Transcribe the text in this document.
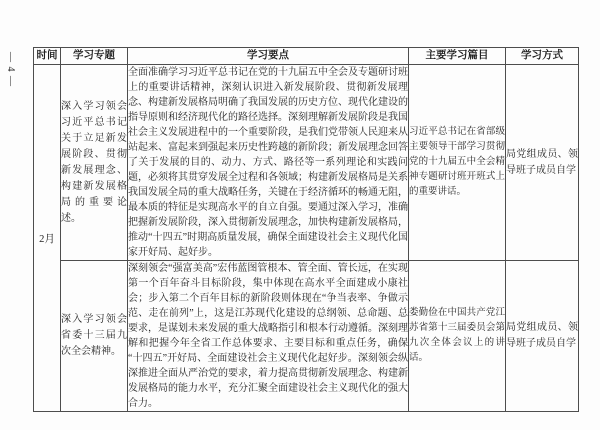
— 4 — 时间	学习专题	学习要点	主要学习篇目	学习方式
2月	深入学习领会习近平总书记关于立足新发展阶段、贯彻新发展理念、构建新发展格局的重要论述。	全面准确学习习近平总书记在党的十九届五中全会及专题研讨班上的重要讲话精神，深刻认识进入新发展阶段、贯彻新发展理念、构建新发展格局明确了我国发展的历史方位、现代化建设的指导原则和经济现代化的路径选择。深刻理解新发展阶段是我国社会主义发展进程中的一个重要阶段，是我们党带领人民迎来从站起来、富起来到强起来历史性跨越的新阶段；新发展理念回答了关于发展的目的、动力、方式、路径等一系列理论和实践问题，必须将其贯穿发展全过程和各领域；构建新发展格局是关系我国发展全局的重大战略任务，关键在于经济循环的畅通无阻，最本质的特征是实现高水平的自立自强。要通过深入学习，准确把握新发展阶段，深入贯彻新发展理念，加快构建新发展格局，推动“十四五”时期高质量发展，确保全面建设社会主义现代化国家开好局、起好步。	习近平总书记在省部级主要领导干部学习贯彻党的十九届五中全会精神专题研讨班开班式上的重要讲话。	局党组成员、领导班子成员自学
	深入学习领会省委十三届九次全会精神。	深刻领会“强富美高”宏伟蓝图管根本、管全面、管长远，在实现第一个百年奋斗目标阶段，集中体现在高水平全面建成小康社会；步入第二个百年目标的新阶段则体现在“争当表率、争做示范、走在前列”上，这是江苏现代化建设的总纲领、总命题、总要求，是谋划未来发展的重大战略指引和根本行动遵循。深刻理解和把握今年全省工作总体要求、主要目标和重点任务，确保“十四五”开好局、全面建设社会主义现代化起好步。深刻领会纵深推进全面从严治党的要求，着力提高贯彻新发展理念、构建新发展格局的能力水平，充分汇聚全面建设社会主义现代化的强大合力。	娄勤俭在中国共产党江苏省第十三届委员会第九次全体会议上的讲话。	局党组成员、领导班子成员自学
